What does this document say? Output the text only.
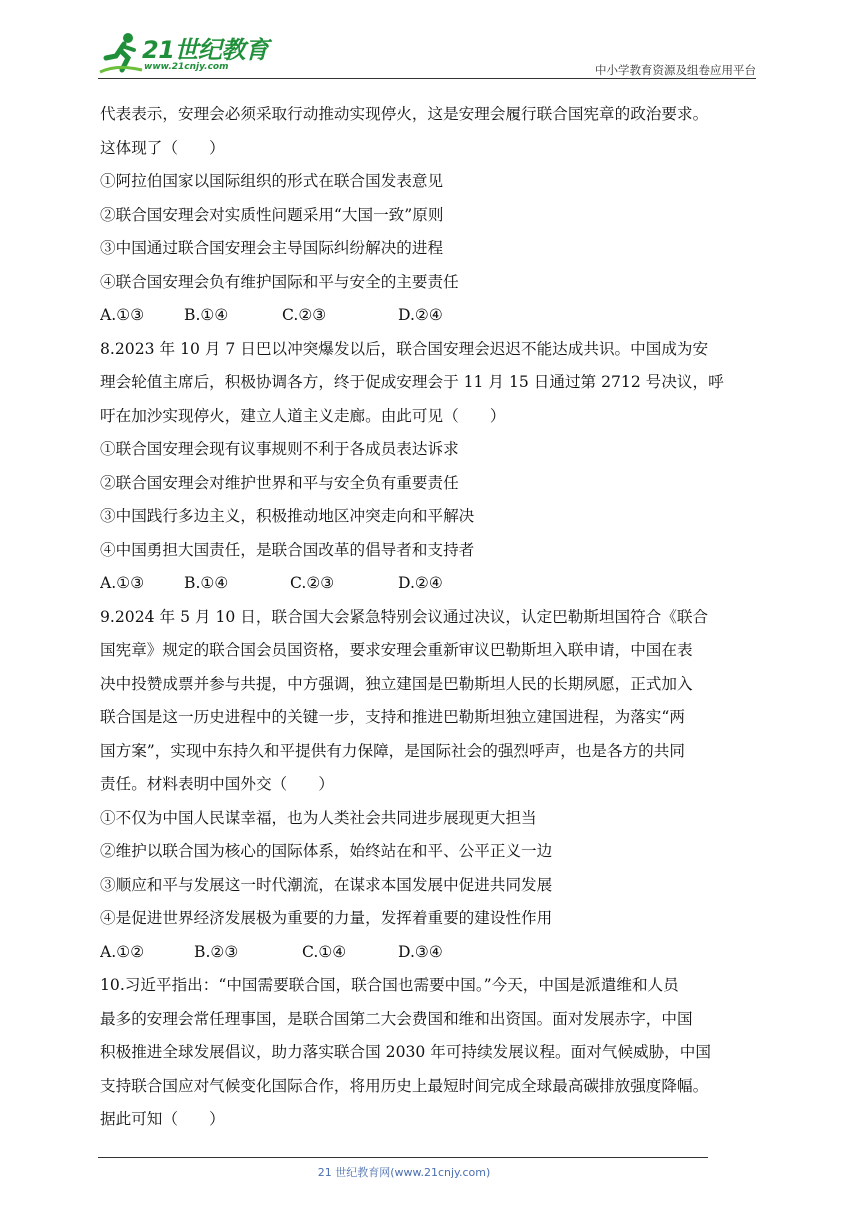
21世纪教育
www.21cnjy.com	中小学教育资源及组卷应用平台
代表表示，安理会必须采取行动推动实现停火，这是安理会履行联合国宪章的政治要求。
这体现了（　　）
①阿拉伯国家以国际组织的形式在联合国发表意见
②联合国安理会对实质性问题采用“大国一致”原则
③中国通过联合国安理会主导国际纠纷解决的进程
④联合国安理会负有维护国际和平与安全的主要责任
A.①③	B.①④	C.②③	D.②④
8.2023 年 10 月 7 日巴以冲突爆发以后，联合国安理会迟迟不能达成共识。中国成为安
理会轮值主席后，积极协调各方，终于促成安理会于 11 月 15 日通过第 2712 号决议，呼
吁在加沙实现停火，建立人道主义走廊。由此可见（　　）
①联合国安理会现有议事规则不利于各成员表达诉求
②联合国安理会对维护世界和平与安全负有重要责任
③中国践行多边主义，积极推动地区冲突走向和平解决
④中国勇担大国责任，是联合国改革的倡导者和支持者
A.①③	B.①④	C.②③	D.②④
9.2024 年 5 月 10 日，联合国大会紧急特别会议通过决议，认定巴勒斯坦国符合《联合
国宪章》规定的联合国会员国资格，要求安理会重新审议巴勒斯坦入联申请，中国在表
决中投赞成票并参与共提，中方强调，独立建国是巴勒斯坦人民的长期夙愿，正式加入
联合国是这一历史进程中的关键一步，支持和推进巴勒斯坦独立建国进程，为落实“两
国方案”，实现中东持久和平提供有力保障，是国际社会的强烈呼声，也是各方的共同
责任。材料表明中国外交（　　）
①不仅为中国人民谋幸福，也为人类社会共同进步展现更大担当
②维护以联合国为核心的国际体系，始终站在和平、公平正义一边
③顺应和平与发展这一时代潮流，在谋求本国发展中促进共同发展
④是促进世界经济发展极为重要的力量，发挥着重要的建设性作用
A.①②	B.②③	C.①④	D.③④
10.习近平指出：“中国需要联合国，联合国也需要中国。”今天，中国是派遣维和人员
最多的安理会常任理事国，是联合国第二大会费国和维和出资国。面对发展赤字，中国
积极推进全球发展倡议，助力落实联合国 2030 年可持续发展议程。面对气候威胁，中国
支持联合国应对气候变化国际合作，将用历史上最短时间完成全球最高碳排放强度降幅。
据此可知（　　）
21 世纪教育网(www.21cnjy.com)
